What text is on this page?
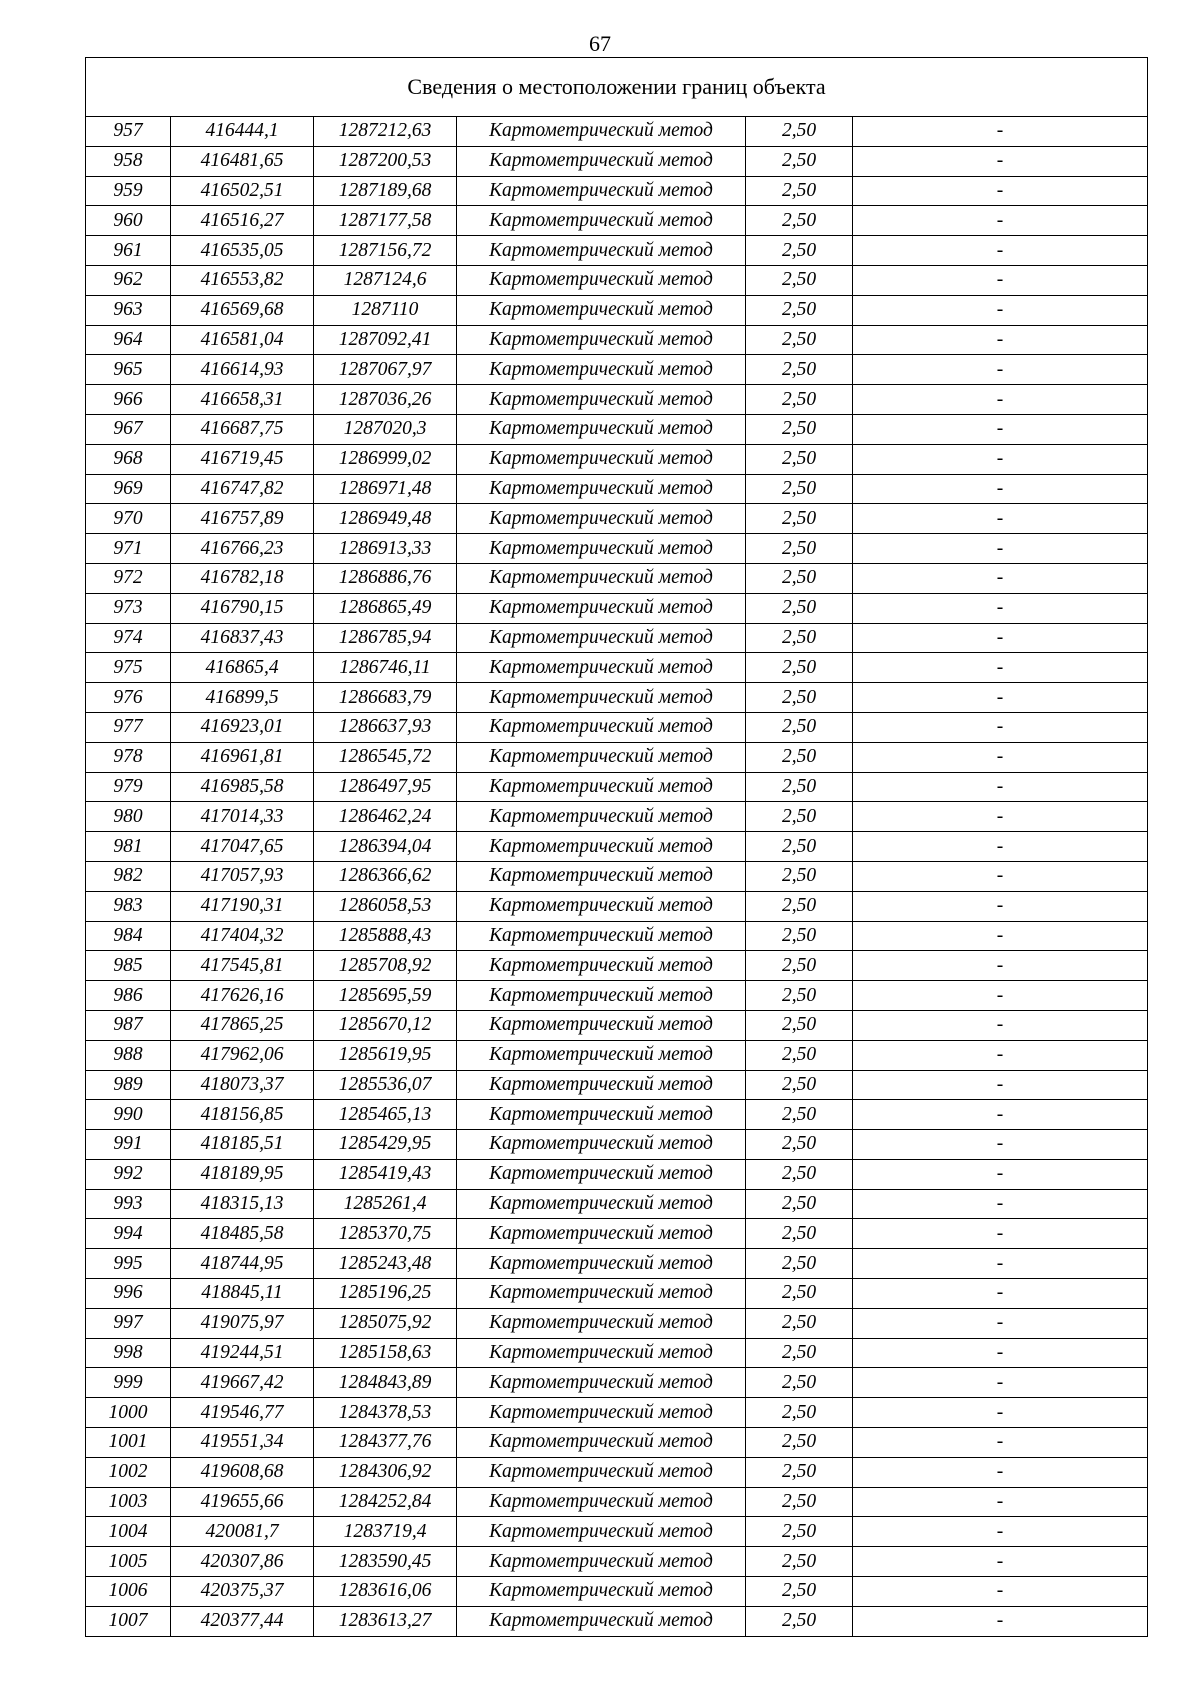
67
Сведения о местоположении границ объекта					
957	416444,1	1287212,63	Картометрический метод	2,50	-
958	416481,65	1287200,53	Картометрический метод	2,50	-
959	416502,51	1287189,68	Картометрический метод	2,50	-
960	416516,27	1287177,58	Картометрический метод	2,50	-
961	416535,05	1287156,72	Картометрический метод	2,50	-
962	416553,82	1287124,6	Картометрический метод	2,50	-
963	416569,68	1287110	Картометрический метод	2,50	-
964	416581,04	1287092,41	Картометрический метод	2,50	-
965	416614,93	1287067,97	Картометрический метод	2,50	-
966	416658,31	1287036,26	Картометрический метод	2,50	-
967	416687,75	1287020,3	Картометрический метод	2,50	-
968	416719,45	1286999,02	Картометрический метод	2,50	-
969	416747,82	1286971,48	Картометрический метод	2,50	-
970	416757,89	1286949,48	Картометрический метод	2,50	-
971	416766,23	1286913,33	Картометрический метод	2,50	-
972	416782,18	1286886,76	Картометрический метод	2,50	-
973	416790,15	1286865,49	Картометрический метод	2,50	-
974	416837,43	1286785,94	Картометрический метод	2,50	-
975	416865,4	1286746,11	Картометрический метод	2,50	-
976	416899,5	1286683,79	Картометрический метод	2,50	-
977	416923,01	1286637,93	Картометрический метод	2,50	-
978	416961,81	1286545,72	Картометрический метод	2,50	-
979	416985,58	1286497,95	Картометрический метод	2,50	-
980	417014,33	1286462,24	Картометрический метод	2,50	-
981	417047,65	1286394,04	Картометрический метод	2,50	-
982	417057,93	1286366,62	Картометрический метод	2,50	-
983	417190,31	1286058,53	Картометрический метод	2,50	-
984	417404,32	1285888,43	Картометрический метод	2,50	-
985	417545,81	1285708,92	Картометрический метод	2,50	-
986	417626,16	1285695,59	Картометрический метод	2,50	-
987	417865,25	1285670,12	Картометрический метод	2,50	-
988	417962,06	1285619,95	Картометрический метод	2,50	-
989	418073,37	1285536,07	Картометрический метод	2,50	-
990	418156,85	1285465,13	Картометрический метод	2,50	-
991	418185,51	1285429,95	Картометрический метод	2,50	-
992	418189,95	1285419,43	Картометрический метод	2,50	-
993	418315,13	1285261,4	Картометрический метод	2,50	-
994	418485,58	1285370,75	Картометрический метод	2,50	-
995	418744,95	1285243,48	Картометрический метод	2,50	-
996	418845,11	1285196,25	Картометрический метод	2,50	-
997	419075,97	1285075,92	Картометрический метод	2,50	-
998	419244,51	1285158,63	Картометрический метод	2,50	-
999	419667,42	1284843,89	Картометрический метод	2,50	-
1000	419546,77	1284378,53	Картометрический метод	2,50	-
1001	419551,34	1284377,76	Картометрический метод	2,50	-
1002	419608,68	1284306,92	Картометрический метод	2,50	-
1003	419655,66	1284252,84	Картометрический метод	2,50	-
1004	420081,7	1283719,4	Картометрический метод	2,50	-
1005	420307,86	1283590,45	Картометрический метод	2,50	-
1006	420375,37	1283616,06	Картометрический метод	2,50	-
1007	420377,44	1283613,27	Картометрический метод	2,50	-
